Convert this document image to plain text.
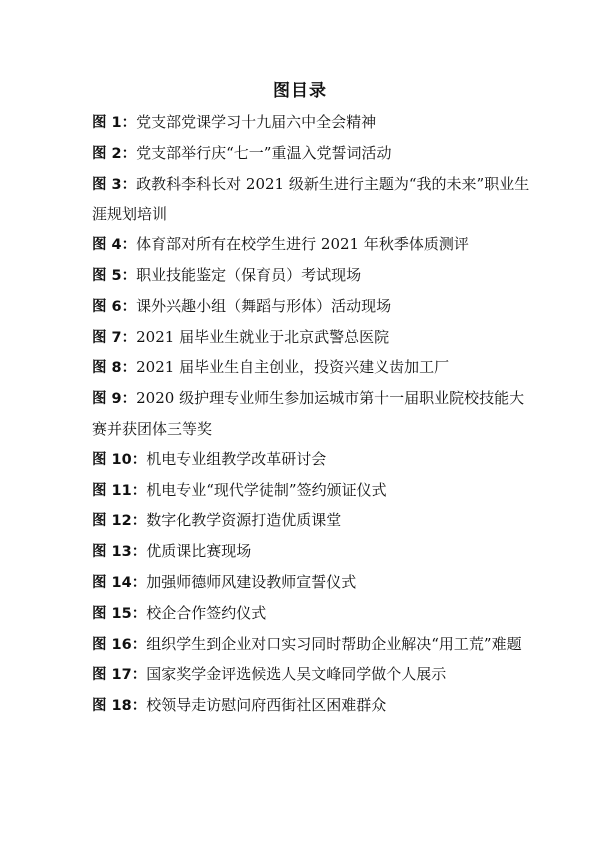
图目录
图 1：党支部党课学习十九届六中全会精神
图 2：党支部举行庆“七一”重温入党誓词活动
图 3：政教科李科长对 2021 级新生进行主题为“我的未来”职业生涯规划培训
图 4：体育部对所有在校学生进行 2021 年秋季体质测评
图 5：职业技能鉴定（保育员）考试现场
图 6：课外兴趣小组（舞蹈与形体）活动现场
图 7：2021 届毕业生就业于北京武警总医院
图 8：2021 届毕业生自主创业，投资兴建义齿加工厂
图 9：2020 级护理专业师生参加运城市第十一届职业院校技能大赛并获团体三等奖
图 10：机电专业组教学改革研讨会
图 11：机电专业“现代学徒制”签约颁证仪式
图 12：数字化教学资源打造优质课堂
图 13：优质课比赛现场
图 14：加强师德师风建设教师宣誓仪式
图 15：校企合作签约仪式
图 16：组织学生到企业对口实习同时帮助企业解决“用工荒”难题
图 17：国家奖学金评选候选人吴文峰同学做个人展示
图 18：校领导走访慰问府西街社区困难群众
